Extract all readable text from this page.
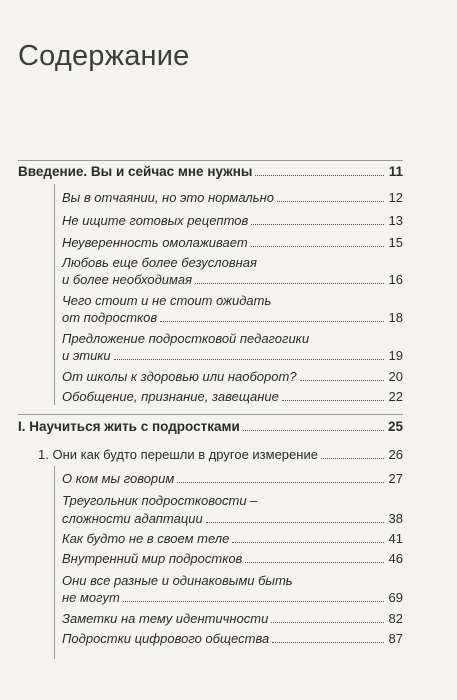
Содержание
Введение. Вы и сейчас мне нужны	11
Вы в отчаянии, но это нормально	12
Не ищите готовых рецептов	13
Неуверенность омолаживает	15
Любовь еще более безусловная
и более необходимая	16
Чего стоит и не стоит ожидать
от подростков	18
Предложение подростковой педагогики
и этики	19
От школы к здоровью или наоборот?	20
Обобщение, признание, завещание	22
I. Научиться жить с подростками	25
1. Они как будто перешли в другое измерение	26
О ком мы говорим	27
Треугольник подростковости –
сложности адаптации	38
Как будто не в своем теле	41
Внутренний мир подростков	46
Они все разные и одинаковыми быть
не могут	69
Заметки на тему идентичности	82
Подростки цифрового общества	87
